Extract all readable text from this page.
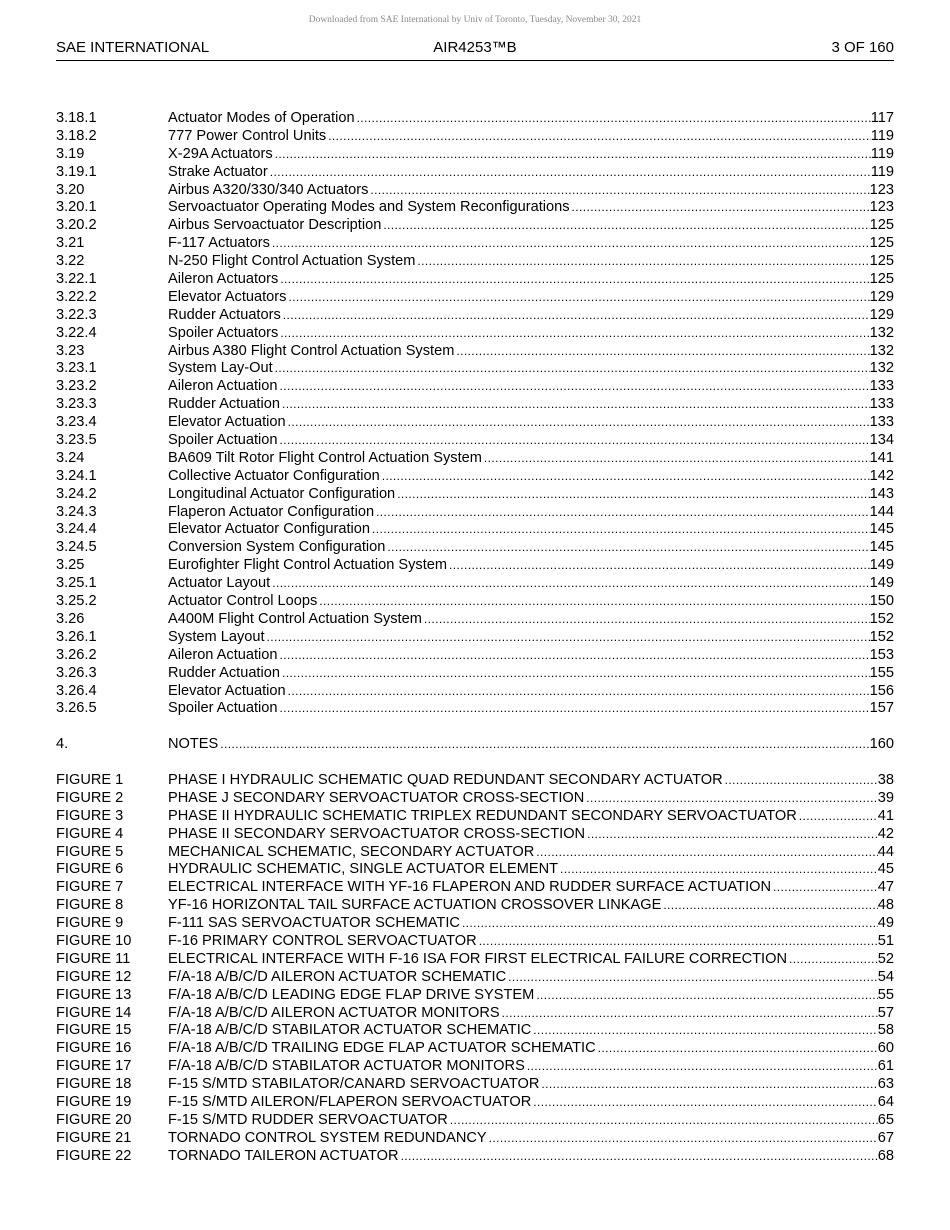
Downloaded from SAE International by Univ of Toronto, Tuesday, November 30, 2021
SAE INTERNATIONAL	AIR4253™B	3 OF 160
3.18.1	Actuator Modes of Operation .....	117
3.18.2	777 Power Control Units .....	119
3.19	X-29A Actuators .....	119
3.19.1	Strake Actuator .....	119
3.20	Airbus A320/330/340 Actuators .....	123
3.20.1	Servoactuator Operating Modes and System Reconfigurations .....	123
3.20.2	Airbus Servoactuator Description .....	125
3.21	F-117 Actuators .....	125
3.22	N-250 Flight Control Actuation System .....	125
3.22.1	Aileron Actuators .....	125
3.22.2	Elevator Actuators .....	129
3.22.3	Rudder Actuators .....	129
3.22.4	Spoiler Actuators .....	132
3.23	Airbus A380 Flight Control Actuation System .....	132
3.23.1	System Lay-Out .....	132
3.23.2	Aileron Actuation .....	133
3.23.3	Rudder Actuation .....	133
3.23.4	Elevator Actuation .....	133
3.23.5	Spoiler Actuation .....	134
3.24	BA609 Tilt Rotor Flight Control Actuation System .....	141
3.24.1	Collective Actuator Configuration .....	142
3.24.2	Longitudinal Actuator Configuration .....	143
3.24.3	Flaperon Actuator Configuration .....	144
3.24.4	Elevator Actuator Configuration .....	145
3.24.5	Conversion System Configuration .....	145
3.25	Eurofighter Flight Control Actuation System .....	149
3.25.1	Actuator Layout .....	149
3.25.2	Actuator Control Loops .....	150
3.26	A400M Flight Control Actuation System .....	152
3.26.1	System Layout .....	152
3.26.2	Aileron Actuation .....	153
3.26.3	Rudder Actuation .....	155
3.26.4	Elevator Actuation .....	156
3.26.5	Spoiler Actuation .....	157
4.	NOTES .....	160
FIGURE 1	PHASE I HYDRAULIC SCHEMATIC QUAD REDUNDANT SECONDARY ACTUATOR .....	38
FIGURE 2	PHASE J SECONDARY SERVOACTUATOR CROSS-SECTION .....	39
FIGURE 3	PHASE II HYDRAULIC SCHEMATIC TRIPLEX REDUNDANT SECONDARY SERVOACTUATOR .....	41
FIGURE 4	PHASE II SECONDARY SERVOACTUATOR CROSS-SECTION .....	42
FIGURE 5	MECHANICAL SCHEMATIC, SECONDARY ACTUATOR .....	44
FIGURE 6	HYDRAULIC SCHEMATIC, SINGLE ACTUATOR ELEMENT .....	45
FIGURE 7	ELECTRICAL INTERFACE WITH YF-16 FLAPERON AND RUDDER SURFACE ACTUATION .....	47
FIGURE 8	YF-16 HORIZONTAL TAIL SURFACE ACTUATION CROSSOVER LINKAGE .....	48
FIGURE 9	F-111 SAS SERVOACTUATOR SCHEMATIC .....	49
FIGURE 10	F-16 PRIMARY CONTROL SERVOACTUATOR .....	51
FIGURE 11	ELECTRICAL INTERFACE WITH F-16 ISA FOR FIRST ELECTRICAL FAILURE CORRECTION .....	52
FIGURE 12	F/A-18 A/B/C/D AILERON ACTUATOR SCHEMATIC .....	54
FIGURE 13	F/A-18 A/B/C/D LEADING EDGE FLAP DRIVE SYSTEM .....	55
FIGURE 14	F/A-18 A/B/C/D AILERON ACTUATOR MONITORS .....	57
FIGURE 15	F/A-18 A/B/C/D STABILATOR ACTUATOR SCHEMATIC .....	58
FIGURE 16	F/A-18 A/B/C/D TRAILING EDGE FLAP ACTUATOR SCHEMATIC .....	60
FIGURE 17	F/A-18 A/B/C/D STABILATOR ACTUATOR MONITORS .....	61
FIGURE 18	F-15 S/MTD STABILATOR/CANARD SERVOACTUATOR .....	63
FIGURE 19	F-15 S/MTD AILERON/FLAPERON SERVOACTUATOR .....	64
FIGURE 20	F-15 S/MTD RUDDER SERVOACTUATOR .....	65
FIGURE 21	TORNADO CONTROL SYSTEM REDUNDANCY .....	67
FIGURE 22	TORNADO TAILERON ACTUATOR .....	68
